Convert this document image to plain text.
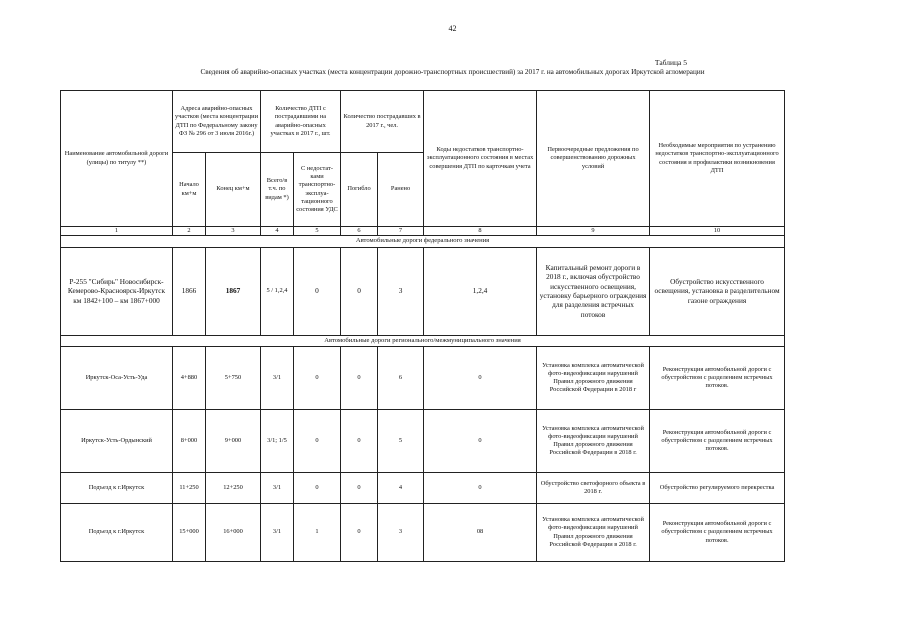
42
Таблица 5
Сведения об аварийно-опасных участках (места концентрации дорожно-транспортных происшествий) за 2017 г. на автомобильных дорогах Иркутской агломерации
Наименование автомобильной дороги (улицы) по титулу **)	Адреса аварийно-опасных участков (места концентрации ДТП по Федеральному закону ФЗ № 296 от 3 июля 2016г.)		Количество ДТП с пострадавшими на аварийно-опасных участках в 2017 г., шт.		Количество пострадавших в 2017 г., чел.		Коды недостатков транспортно-эксплуатационного состояния в местах совершения ДТП по карточкам учета	Первоочередные предложения по совершенствованию дорожных условий	Необходимые мероприятия по устранению недостатков транспортно-эксплуатационного состояния и профилактики возникновения ДТП
	Начало км+м	Конец км+м	Всего/в т.ч. по видам *)	С недостат-ками транспортно-эксплуа-тационного состояния УДС	Погибло	Ранено			
1	2	3	4	5	6	7	8	9	10
Автомобильные дороги федерального значения									
Р-255 "Сибирь" Новосибирск-Кемерово-Красноярск-Иркутск км 1842+100 – км 1867+000	1866	1867	5 / 1,2,4	0	0	3	1,2,4	Капитальный ремонт дороги в 2018 г., включая обустройство искусственного освещения, установку барьерного ограждения для разделения встречных потоков	Обустройство искусственного освещения, установка в разделительном газоне ограждения
Автомобильные дороги регионального/межмуниципального значения									
Иркутск-Оса-Усть-Уда	4+880	5+750	3/1	0	0	6	0	Установка комплекса автоматической фото-видеофиксации нарушений Правил дорожного движения Российской Федерации в 2018 г	Реконструкция автомобильной дороги с обустройством с разделением встречных потоков.
Иркутск-Усть-Ордынский	8+000	9+000	3/1; 1/5	0	0	5	0	Установка комплекса автоматической фото-видеофиксации нарушений Правил дорожного движения Российской Федерации в 2018 г.	Реконструкция автомобильной дороги с обустройством с разделением встречных потоков.
Подъезд к г.Иркутск	11+250	12+250	3/1	0	0	4	0	Обустройство светофорного объекта в 2018 г.	Обустройство регулируемого перекрестка
Подъезд к г.Иркутск	15+000	16+000	3/1	1	0	3	08	Установка комплекса автоматической фото-видеофиксации нарушений Правил дорожного движения Российской Федерации в 2018 г.	Реконструкция автомобильной дороги с обустройством с разделением встречных потоков.
